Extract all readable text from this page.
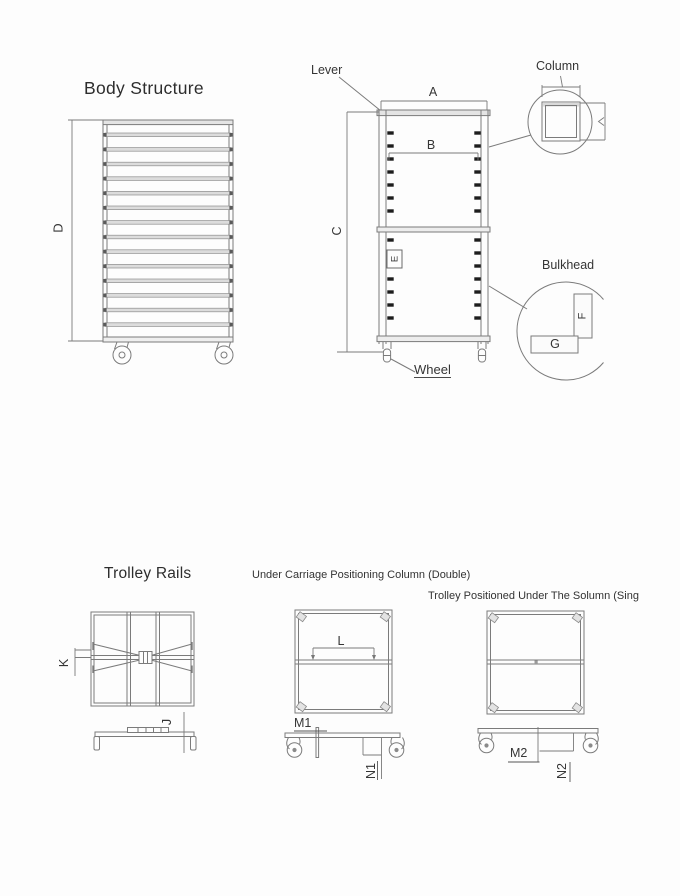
Body Structure
Lever	Column
Bulkhead
Wheel
A
B
C
D
E
F
G
Trolley Rails
K
J
Under Carriage Positioning Column (Double)
L
M1
N1
Trolley Positioned Under The Solumn (Sing
M2
N2
